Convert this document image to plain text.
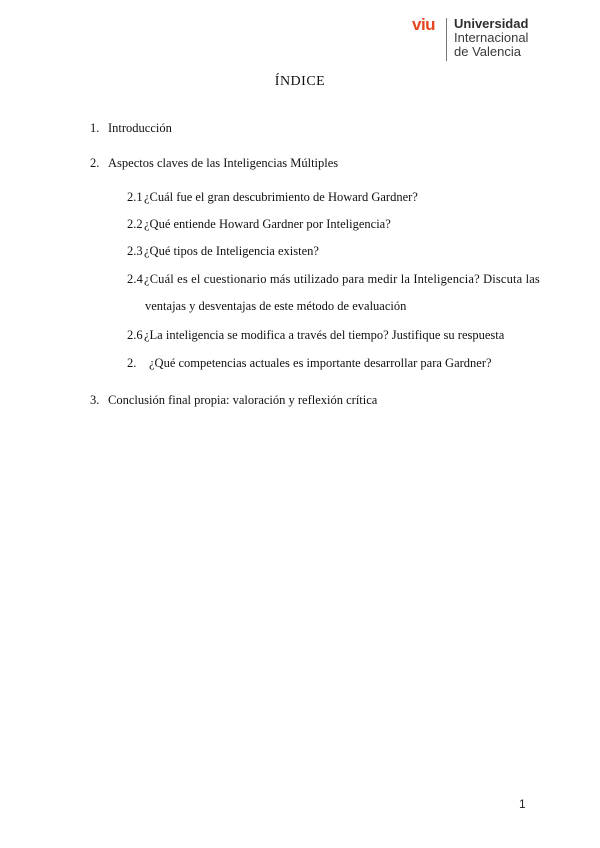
viu Universidad
Internacional
de Valencia
ÍNDICE
1. Introducción
2. Aspectos claves de las Inteligencias Múltiples
2.1¿Cuál fue el gran descubrimiento de Howard Gardner?
2.2¿Qué entiende Howard Gardner por Inteligencia?
2.3¿Qué tipos de Inteligencia existen?
2.4¿Cuál es el cuestionario más utilizado para medir la Inteligencia? Discuta las
ventajas y desventajas de este método de evaluación
2.6¿La inteligencia se modifica a través del tiempo? Justifique su respuesta
2. ¿Qué competencias actuales es importante desarrollar para Gardner?
3. Conclusión final propia: valoración y reflexión crítica
1
